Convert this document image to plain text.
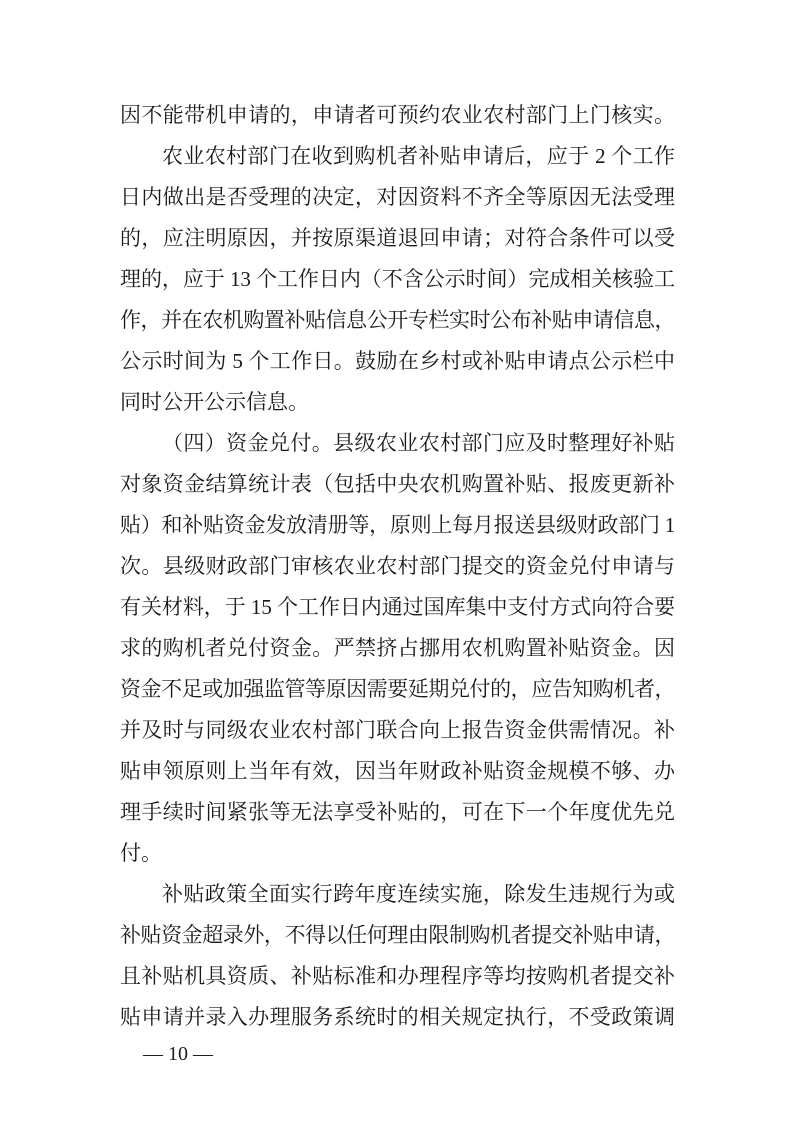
因不能带机申请的，申请者可预约农业农村部门上门核实。
农业农村部门在收到购机者补贴申请后，应于 2 个工作
日内做出是否受理的决定，对因资料不齐全等原因无法受理
的，应注明原因，并按原渠道退回申请；对符合条件可以受
理的，应于 13 个工作日内（不含公示时间）完成相关核验工
作，并在农机购置补贴信息公开专栏实时公布补贴申请信息，
公示时间为 5 个工作日。鼓励在乡村或补贴申请点公示栏中
同时公开公示信息。
（四）资金兑付。县级农业农村部门应及时整理好补贴
对象资金结算统计表（包括中央农机购置补贴、报废更新补
贴）和补贴资金发放清册等，原则上每月报送县级财政部门 1
次。县级财政部门审核农业农村部门提交的资金兑付申请与
有关材料，于 15 个工作日内通过国库集中支付方式向符合要
求的购机者兑付资金。严禁挤占挪用农机购置补贴资金。因
资金不足或加强监管等原因需要延期兑付的，应告知购机者，
并及时与同级农业农村部门联合向上报告资金供需情况。补
贴申领原则上当年有效，因当年财政补贴资金规模不够、办
理手续时间紧张等无法享受补贴的，可在下一个年度优先兑
付。
补贴政策全面实行跨年度连续实施，除发生违规行为或
补贴资金超录外，不得以任何理由限制购机者提交补贴申请，
且补贴机具资质、补贴标准和办理程序等均按购机者提交补
贴申请并录入办理服务系统时的相关规定执行，不受政策调
— 10 —
